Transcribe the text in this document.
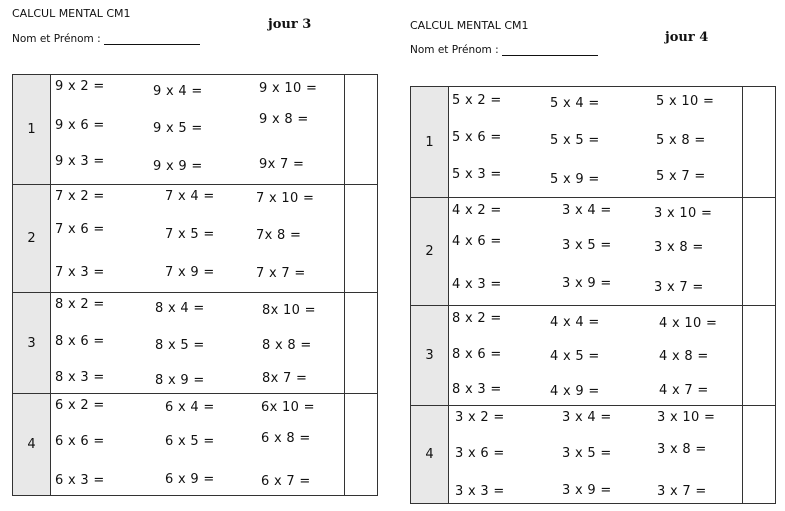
CALCUL MENTAL CM1
Nom et Prénom :
jour 3
1
9 x 2 =
9 x 6 =
9 x 3 =
9 x 4 =
9 x 5 =
9 x 9 =
9 x 10 =
9 x 8 =
9x 7 =
2
7 x 2 =
7 x 6 =
7 x 3 =
7 x 4 =
7 x 5 =
7 x 9 =
7 x 10 =
7x 8 =
7 x 7 =
3
8 x 2 =
8 x 6 =
8 x 3 =
8 x 4 =
8 x 5 =
8 x 9 =
8x 10 =
8 x 8 =
8x 7 =
4
6 x 2 =
6 x 6 =
6 x 3 =
6 x 4 =
6 x 5 =
6 x 9 =
6x 10 =
6 x 8 =
6 x 7 =
CALCUL MENTAL CM1
Nom et Prénom :
jour 4
1
5 x 2 =
5 x 6 =
5 x 3 =
5 x 4 =
5 x 5 =
5 x 9 =
5 x 10 =
5 x 8 =
5 x 7 =
2
4 x 2 =
4 x 6 =
4 x 3 =
3 x 4 =
3 x 5 =
3 x 9 =
3 x 10 =
3 x 8 =
3 x 7 =
3
8 x 2 =
8 x 6 =
8 x 3 =
4 x 4 =
4 x 5 =
4 x 9 =
4 x 10 =
4 x 8 =
4 x 7 =
4
3 x 2 =
3 x 6 =
3 x 3 =
3 x 4 =
3 x 5 =
3 x 9 =
3 x 10 =
3 x 8 =
3 x 7 =
